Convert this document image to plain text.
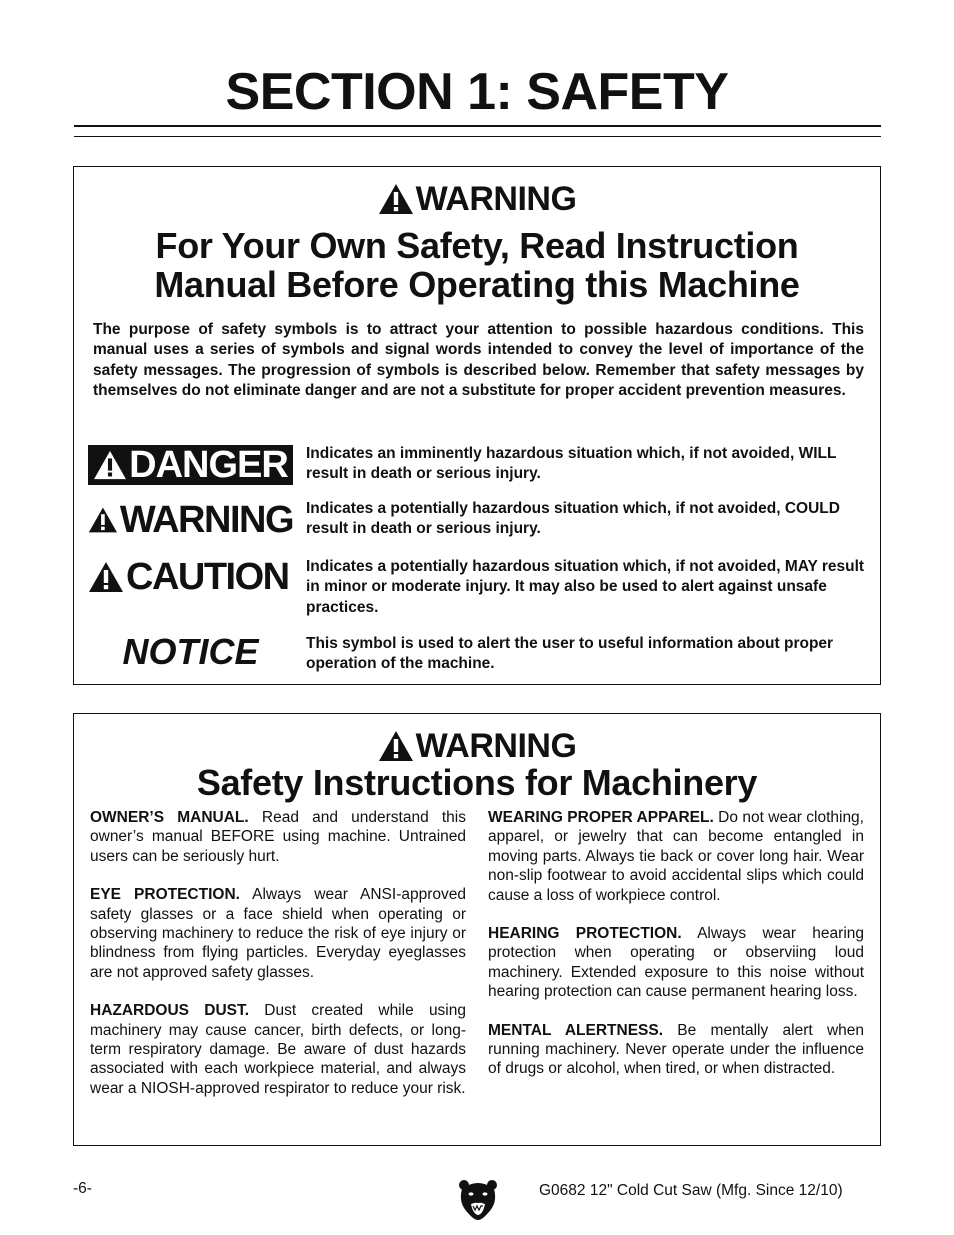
SECTION 1: SAFETY
WARNING
For Your Own Safety, Read Instruction
Manual Before Operating this Machine
The purpose of safety symbols is to attract your attention to possible hazardous conditions. This manual uses a series of symbols and signal words intended to convey the level of importance of the safety messages. The progression of symbols is described below. Remember that safety messages by themselves do not eliminate danger and are not a substitute for proper accident prevention measures.
DANGER Indicates an imminently hazardous situation which, if not avoided, WILL result in death or serious injury.
WARNING Indicates a potentially hazardous situation which, if not avoided, COULD result in death or serious injury.
CAUTION Indicates a potentially hazardous situation which, if not avoided, MAY result in minor or moderate injury. It may also be used to alert against unsafe practices.
NOTICE	This symbol is used to alert the user to useful information about proper operation of the machine.
WARNING
Safety Instructions for Machinery

OWNER’S MANUAL. Read and understand this owner’s manual BEFORE using machine. Untrained users can be seriously hurt.

EYE PROTECTION. Always wear ANSI-approved safety glasses or a face shield when operating or observing machinery to reduce the risk of eye injury or blindness from flying particles. Everyday eyeglasses are not approved safety glasses.

HAZARDOUS DUST. Dust created while using machinery may cause cancer, birth defects, or long-term respiratory damage. Be aware of dust hazards associated with each workpiece material, and always wear a NIOSH-approved respirator to reduce your risk.

WEARING PROPER APPAREL. Do not wear clothing, apparel, or jewelry that can become entangled in moving parts. Always tie back or cover long hair. Wear non-slip footwear to avoid accidental slips which could cause a loss of workpiece control.

HEARING PROTECTION. Always wear hearing protection when operating or observiing loud machinery. Extended exposure to this noise without hearing protection can cause permanent hearing loss.

MENTAL ALERTNESS. Be mentally alert when running machinery. Never operate under the influence of drugs or alcohol, when tired, or when distracted.

-6-	G0682 12" Cold Cut Saw (Mfg. Since 12/10)
